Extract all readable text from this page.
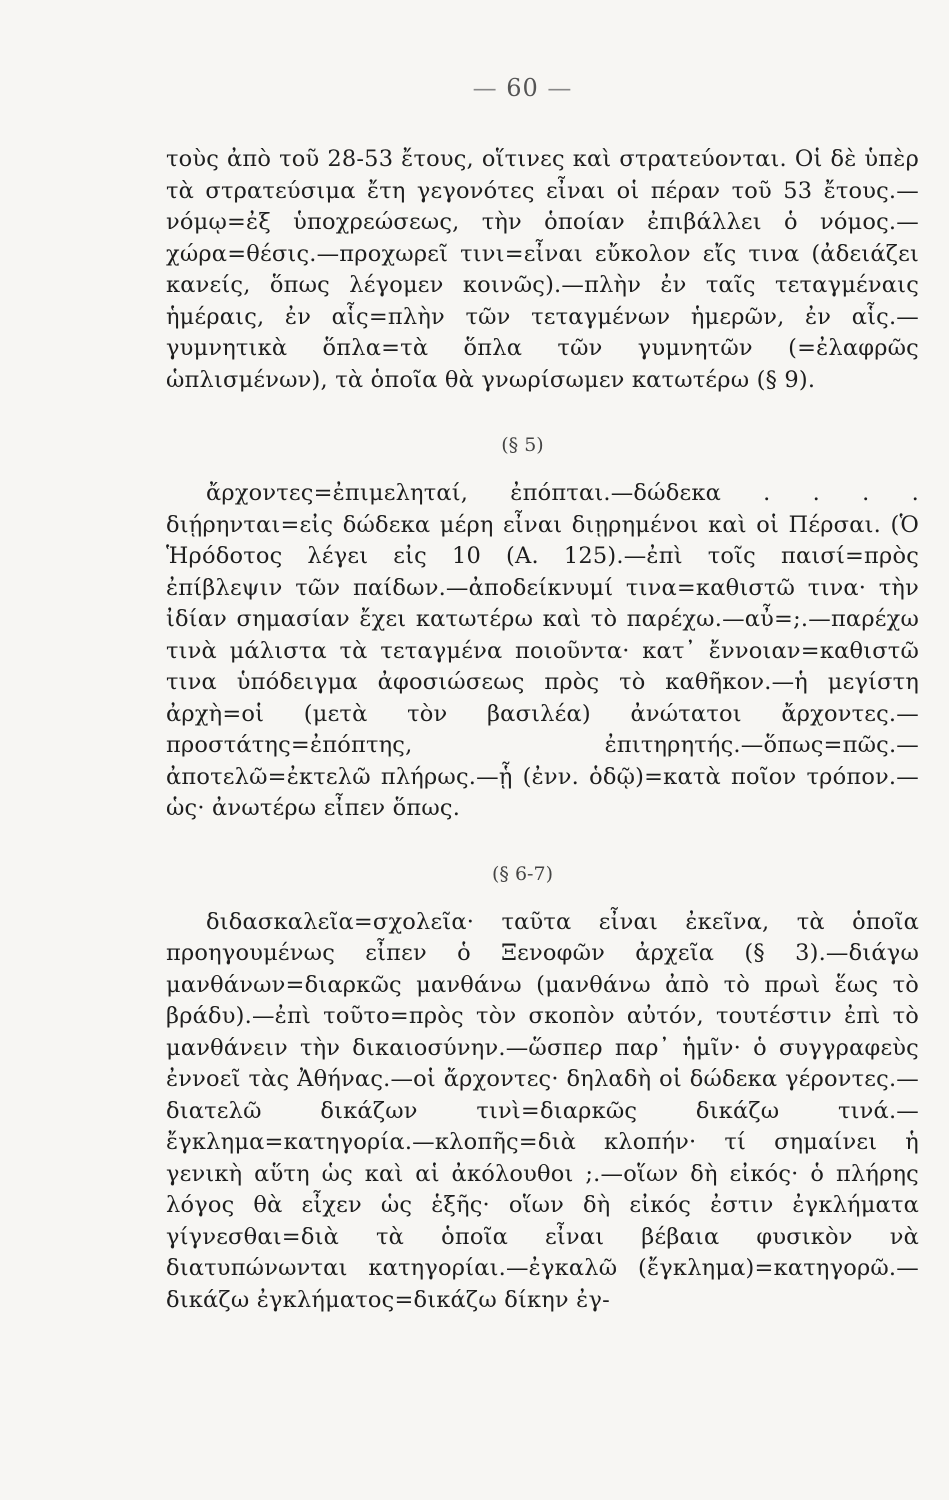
— 60 —

τοὺς ἀπὸ τοῦ 28-53 ἔτους, οἵτινες καὶ στρατεύονται. Οἱ δὲ ὑπὲρ τὰ στρατεύσιμα ἔτη γεγονότες εἶναι οἱ πέραν τοῦ 53 ἔτους.—νόμῳ=ἐξ ὑποχρεώσεως, τὴν ὁποίαν ἐπιβάλλει ὁ νόμος.—χώρα=θέσις.—προχωρεῖ τινι=εἶναι εὔκολον εἴς τινα (ἀδειάζει κανείς, ὅπως λέγομεν κοινῶς).—πλὴν ἐν ταῖς τεταγμέναις ἡμέραις, ἐν αἷς=πλὴν τῶν τεταγμένων ἡμερῶν, ἐν αἷς.—γυμνητικὰ ὅπλα=τὰ ὅπλα τῶν γυμνητῶν (=ἐλαφρῶς ὡπλισμένων), τὰ ὁποῖα θὰ γνωρίσωμεν κατωτέρω (§ 9).

(§ 5)

ἄρχοντες=ἐπιμεληταί, ἐπόπται.—δώδεκα . . . . διῄρηνται=εἰς δώδεκα μέρη εἶναι διῃρημένοι καὶ οἱ Πέρσαι. (Ὁ Ἡρόδοτος λέγει εἰς 10 (Α. 125).—ἐπὶ τοῖς παισί=πρὸς ἐπίβλεψιν τῶν παίδων.—ἀποδείκνυμί τινα=καθιστῶ τινα· τὴν ἰδίαν σημασίαν ἔχει κατωτέρω καὶ τὸ παρέχω.—αὖ=;.—παρέχω τινὰ μάλιστα τὰ τεταγμένα ποιοῦντα· κατ᾽ ἔννοιαν=καθιστῶ τινα ὑπόδειγμα ἀφοσιώσεως πρὸς τὸ καθῆκον.—ἡ μεγίστη ἀρχὴ=οἱ (μετὰ τὸν βασιλέα) ἀνώτατοι ἄρχοντες.—προστάτης=ἐπόπτης, ἐπιτηρητής.—ὅπως=πῶς.—ἀποτελῶ=ἐκτελῶ πλήρως.—ᾗ (ἐνν. ὁδῷ)=κατὰ ποῖον τρόπον.—ὡς· ἀνωτέρω εἶπεν ὅπως.

(§ 6-7)

διδασκαλεῖα=σχολεῖα· ταῦτα εἶναι ἐκεῖνα, τὰ ὁποῖα προηγουμένως εἶπεν ὁ Ξενοφῶν ἀρχεῖα (§ 3).—διάγω μανθάνων=διαρκῶς μανθάνω (μανθάνω ἀπὸ τὸ πρωὶ ἕως τὸ βράδυ).—ἐπὶ τοῦτο=πρὸς τὸν σκοπὸν αὐτόν, τουτέστιν ἐπὶ τὸ μανθάνειν τὴν δικαιοσύνην.—ὥσπερ παρ᾽ ἡμῖν· ὁ συγγραφεὺς ἐννοεῖ τὰς Ἀθήνας.—οἱ ἄρχοντες· δηλαδὴ οἱ δώδεκα γέροντες.—διατελῶ δικάζων τινὶ=διαρκῶς δικάζω τινά.—ἔγκλημα=κατηγορία.—κλοπῆς=διὰ κλοπήν· τί σημαίνει ἡ γενικὴ αὕτη ὡς καὶ αἱ ἀκόλουθοι ;.—οἵων δὴ εἰκός· ὁ πλήρης λόγος θὰ εἶχεν ὡς ἑξῆς· οἵων δὴ εἰκός ἐστιν ἐγκλήματα γίγνεσθαι=διὰ τὰ ὁποῖα εἶναι βέβαια φυσικὸν νὰ διατυπώνωνται κατηγορίαι.—ἐγκαλῶ (ἔγκλημα)=κατηγορῶ.—δικάζω ἐγκλήματος=δικάζω δίκην ἐγ-
